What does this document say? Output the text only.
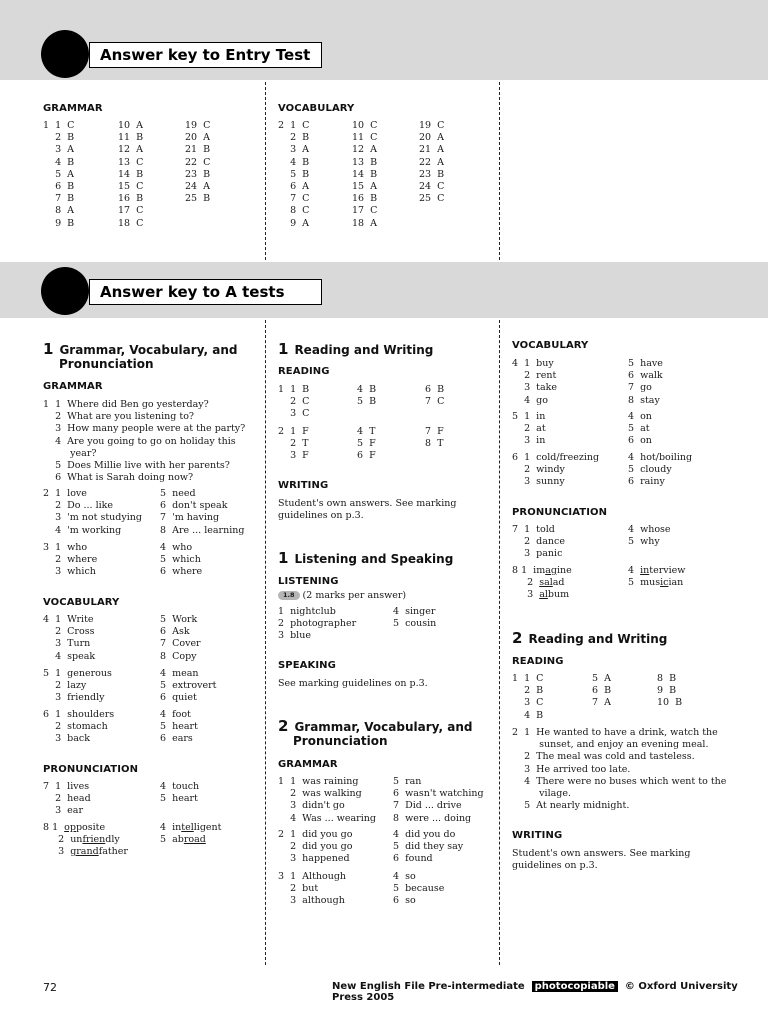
Answer key to Entry Test
Answer key to A tests
GRAMMAR
1  1  C
2  B
3  A
4  B
5  A
6  B
7  B
8  A
9  B
10  A
11  B
12  A
13  C
14  B
15  C
16  B
17  C
18  C
19  C
20  A
21  B
22  C
23  B
24  A
25  B
VOCABULARY
2  1  C
2  B
3  A
4  B
5  B
6  A
7  C
8  C
9  A
10  C
11  C
12  A
13  B
14  B
15  A
16  B
17  C
18  A
19  C
20  A
21  A
22  A
23  B
24  C
25  C
1 Grammar, Vocabulary, and
Pronunciation
GRAMMAR
1  1  Where did Ben go yesterday?
2  What are you listening to?
3  How many people were at the party?
4  Are you going to go on holiday this
year?
5  Does Millie live with her parents?
6  What is Sarah doing now?
2  1  love
2  Do ... like
3  'm not studying
4  'm working
5  need
6  don't speak
7  'm having
8  Are ... learning
3  1  who
2  where
3  which
4  who
5  which
6  where
VOCABULARY
4  1  Write
2  Cross
3  Turn
4  speak
5  Work
6  Ask
7  Cover
8  Copy
5  1  generous
2  lazy
3  friendly
4  mean
5  extrovert
6  quiet
6  1  shoulders
2  stomach
3  back
4  foot
5  heart
6  ears
PRONUNCIATION
7  1  lives
2  head
3  ear
4  touch
5  heart
8 1 opposite
2  unfriendly
3  grandfather
4  intelligent
5  abroad
1 Reading and Writing
READING
1  1  B
2  C
3  C
4  B
5  B
6  B
7  C
2  1  F
2  T
3  F
4  T
5  F
6  F
7  F
8  T
WRITING
Student's own answers. See marking
guidelines on p.3.
1 Listening and Speaking
LISTENING
1.8 (2 marks per answer)
1  nightclub
2  photographer
3  blue
4  singer
5  cousin
SPEAKING
See marking guidelines on p.3.
2 Grammar, Vocabulary, and
Pronunciation
GRAMMAR
1  1  was raining
2  was walking
3  didn't go
4  Was ... wearing
5  ran
6  wasn't watching
7  Did ... drive
8  were ... doing
2  1  did you go
2  did you go
3  happened
4  did you do
5  did they say
6  found
3  1  Although
2  but
3  although
4  so
5  because
6  so
VOCABULARY
4  1  buy
2  rent
3  take
4  go
5  have
6  walk
7  go
8  stay
5  1  in
2  at
3  in
4  on
5  at
6  on
6  1  cold/freezing
2  windy
3  sunny
4  hot/boiling
5  cloudy
6  rainy
PRONUNCIATION
7  1  told
2  dance
3  panic
4  whose
5  why
8 1 imagine
2  salad
3  album
4  interview
5  musician
2 Reading and Writing
READING
1  1  C
2  B
3  C
4  B
5  A
6  B
7  A
8  B
9  B
10  B
2  1  He wanted to have a drink, watch the
sunset, and enjoy an evening meal.
2  The meal was cold and tasteless.
3  He arrived too late.
4  There were no buses which went to the
vilage.
5  At nearly midnight.
WRITING
Student's own answers. See marking
guidelines on p.3.
72	New English File Pre-intermediate photocopiable © Oxford University Press 2005
